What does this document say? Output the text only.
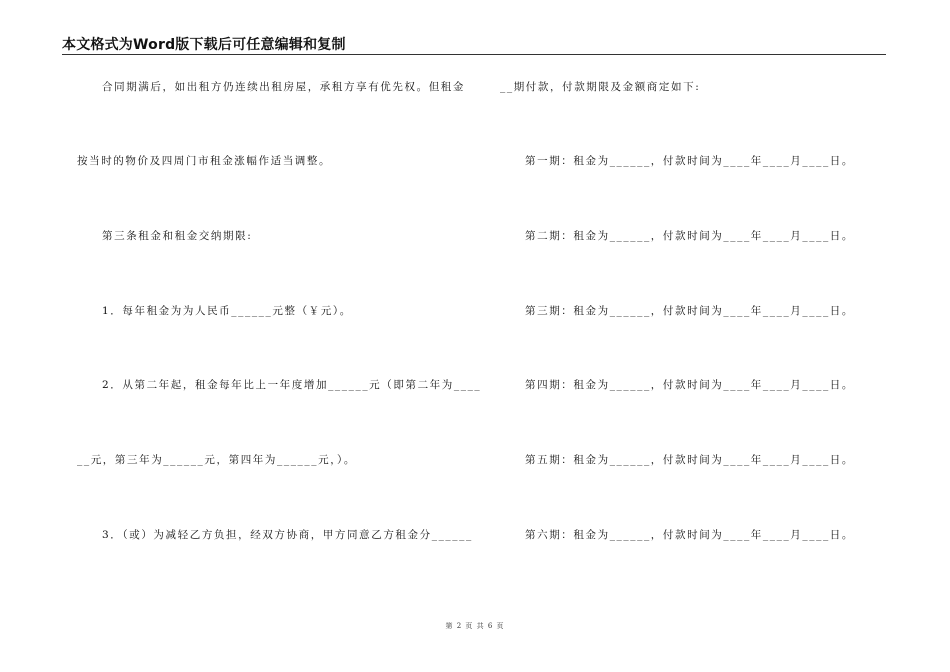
本文格式为Word版下载后可任意编辑和复制
合同期满后，如出租方仍连续出租房屋，承租方享有优先权。但租金
按当时的物价及四周门市租金涨幅作适当调整。
第三条租金和租金交纳期限:
1．每年租金为为人民币______元整（￥元）。
2．从第二年起，租金每年比上一年度增加______元（即第二年为____
__元，第三年为______元，第四年为______元，）。
3．（或）为减轻乙方负担，经双方协商，甲方同意乙方租金分______
__期付款，付款期限及金额商定如下:
第一期：租金为______，付款时间为____年____月____日。
第二期：租金为______，付款时间为____年____月____日。
第三期：租金为______，付款时间为____年____月____日。
第四期：租金为______，付款时间为____年____月____日。
第五期：租金为______，付款时间为____年____月____日。
第六期：租金为______，付款时间为____年____月____日。
第 2 页 共 6 页
